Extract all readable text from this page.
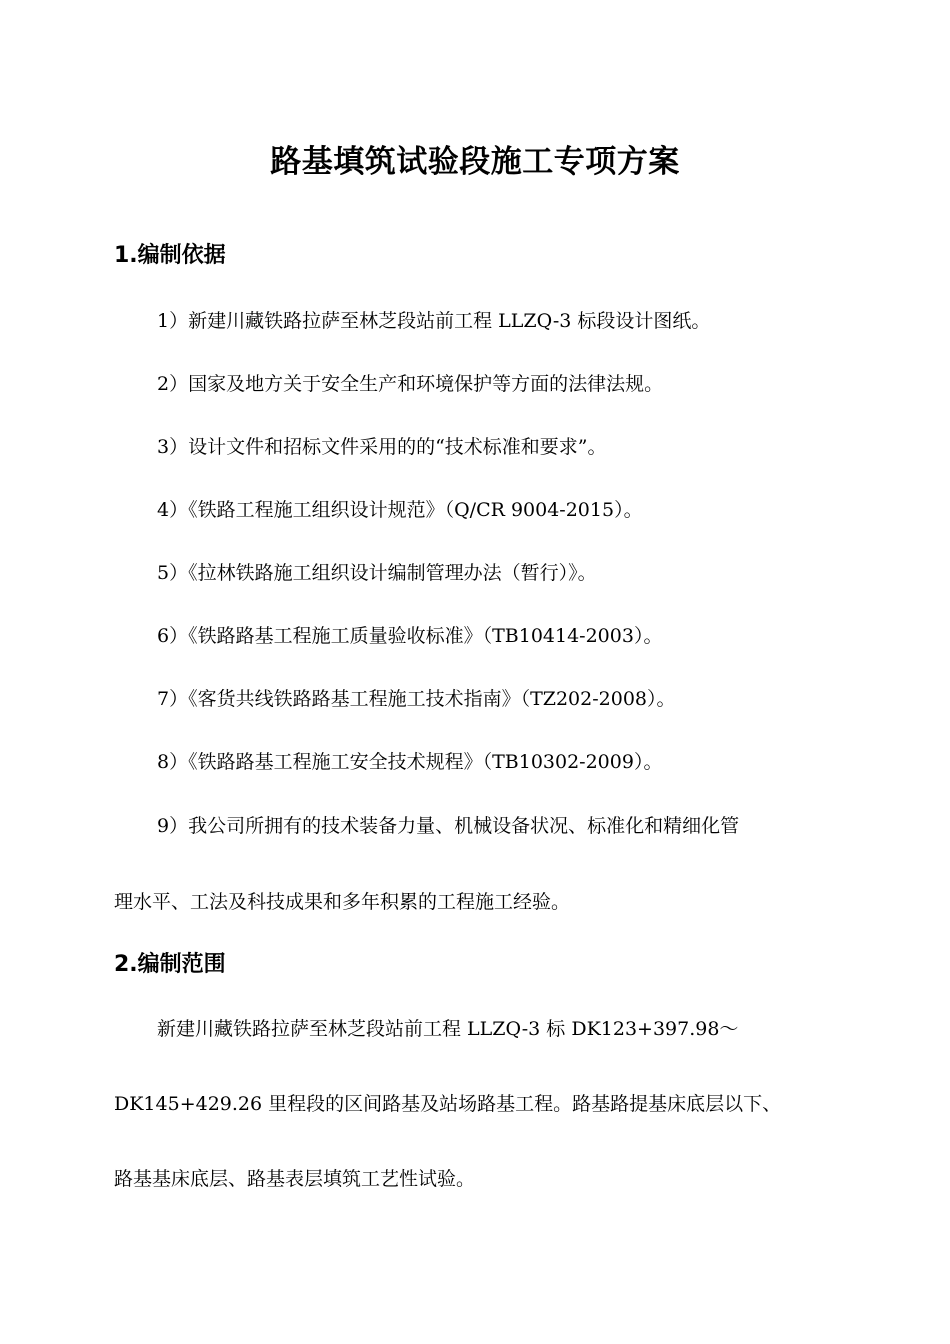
路基填筑试验段施工专项方案
1.编制依据
1）新建川藏铁路拉萨至林芝段站前工程 LLZQ-3 标段设计图纸。
2）国家及地方关于安全生产和环境保护等方面的法律法规。
3）设计文件和招标文件采用的的“技术标准和要求”。
4）《铁路工程施工组织设计规范》（Q/CR 9004-2015）。
5）《拉林铁路施工组织设计编制管理办法（暂行）》。
6）《铁路路基工程施工质量验收标准》（TB10414-2003）。
7）《客货共线铁路路基工程施工技术指南》（TZ202-2008）。
8）《铁路路基工程施工安全技术规程》（TB10302-2009）。
9）我公司所拥有的技术装备力量、机械设备状况、标准化和精细化管
理水平、工法及科技成果和多年积累的工程施工经验。
2.编制范围
新建川藏铁路拉萨至林芝段站前工程 LLZQ-3 标 DK123+397.98～
DK145+429.26 里程段的区间路基及站场路基工程。路基路提基床底层以下、
路基基床底层、路基表层填筑工艺性试验。
